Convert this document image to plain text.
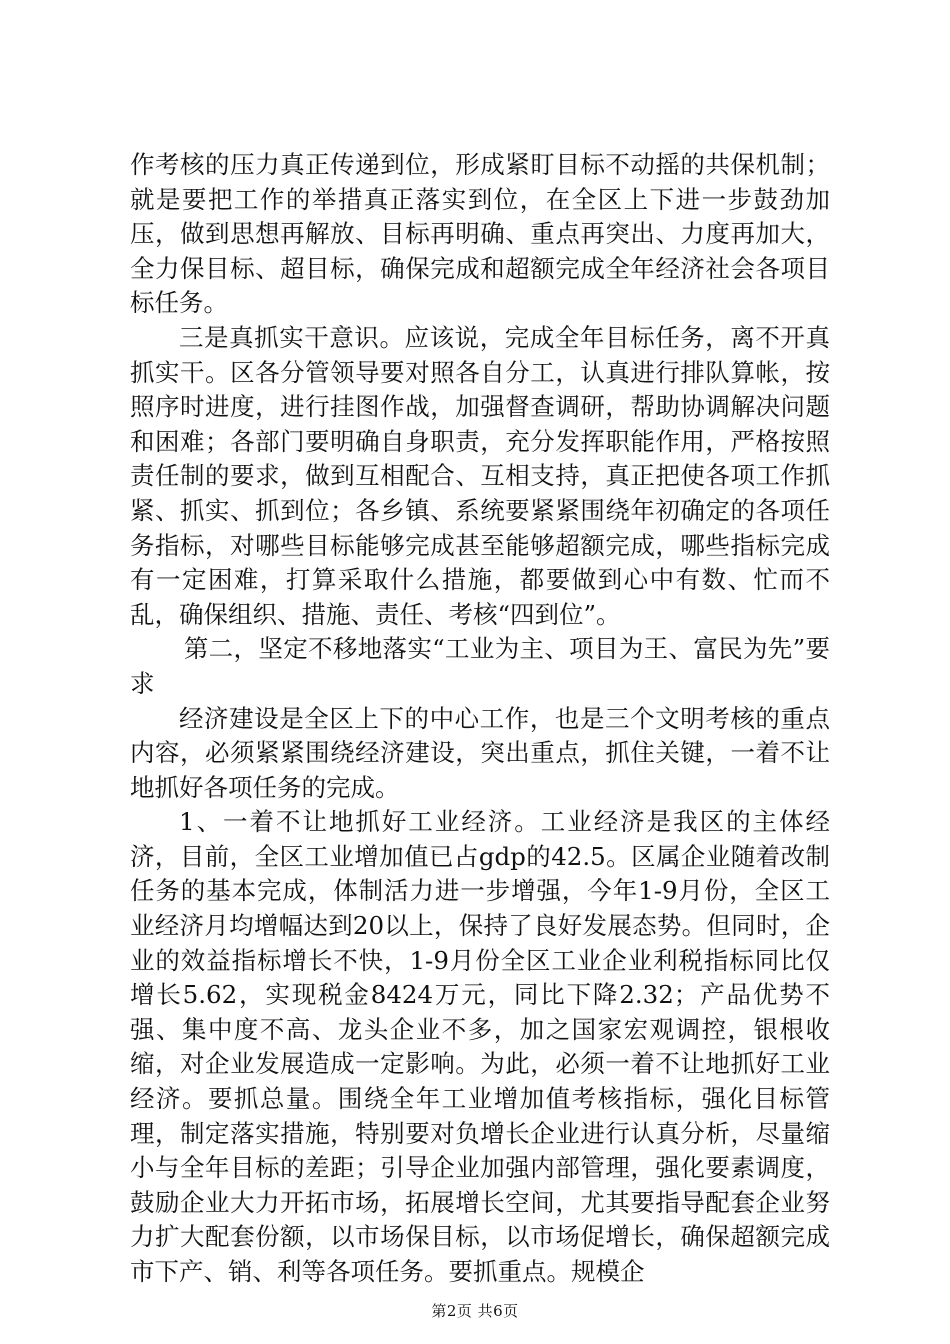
作考核的压力真正传递到位，形成紧盯目标不动摇的共保机制；就是要把工作的举措真正落实到位，在全区上下进一步鼓劲加压，做到思想再解放、目标再明确、重点再突出、力度再加大，全力保目标、超目标，确保完成和超额完成全年经济社会各项目标任务。

三是真抓实干意识。应该说，完成全年目标任务，离不开真抓实干。区各分管领导要对照各自分工，认真进行排队算帐，按照序时进度，进行挂图作战，加强督查调研，帮助协调解决问题和困难；各部门要明确自身职责，充分发挥职能作用，严格按照责任制的要求，做到互相配合、互相支持，真正把使各项工作抓紧、抓实、抓到位；各乡镇、系统要紧紧围绕年初确定的各项任务指标，对哪些目标能够完成甚至能够超额完成，哪些指标完成有一定困难，打算采取什么措施，都要做到心中有数、忙而不乱，确保组织、措施、责任、考核“四到位”。

第二，坚定不移地落实“工业为主、项目为王、富民为先”要求

经济建设是全区上下的中心工作，也是三个文明考核的重点内容，必须紧紧围绕经济建设，突出重点，抓住关键，一着不让地抓好各项任务的完成。

1、一着不让地抓好工业经济。工业经济是我区的主体经济，目前，全区工业增加值已占gdp的42.5。区属企业随着改制任务的基本完成，体制活力进一步增强，今年1-9月份，全区工业经济月均增幅达到20以上，保持了良好发展态势。但同时，企业的效益指标增长不快，1-9月份全区工业企业利税指标同比仅增长5.62，实现税金8424万元，同比下降2.32；产品优势不强、集中度不高、龙头企业不多，加之国家宏观调控，银根收缩，对企业发展造成一定影响。为此，必须一着不让地抓好工业经济。要抓总量。围绕全年工业增加值考核指标，强化目标管理，制定落实措施，特别要对负增长企业进行认真分析，尽量缩小与全年目标的差距；引导企业加强内部管理，强化要素调度，鼓励企业大力开拓市场，拓展增长空间，尤其要指导配套企业努力扩大配套份额，以市场保目标，以市场促增长，确保超额完成市下产、销、利等各项任务。要抓重点。规模企

第2页 共6页
